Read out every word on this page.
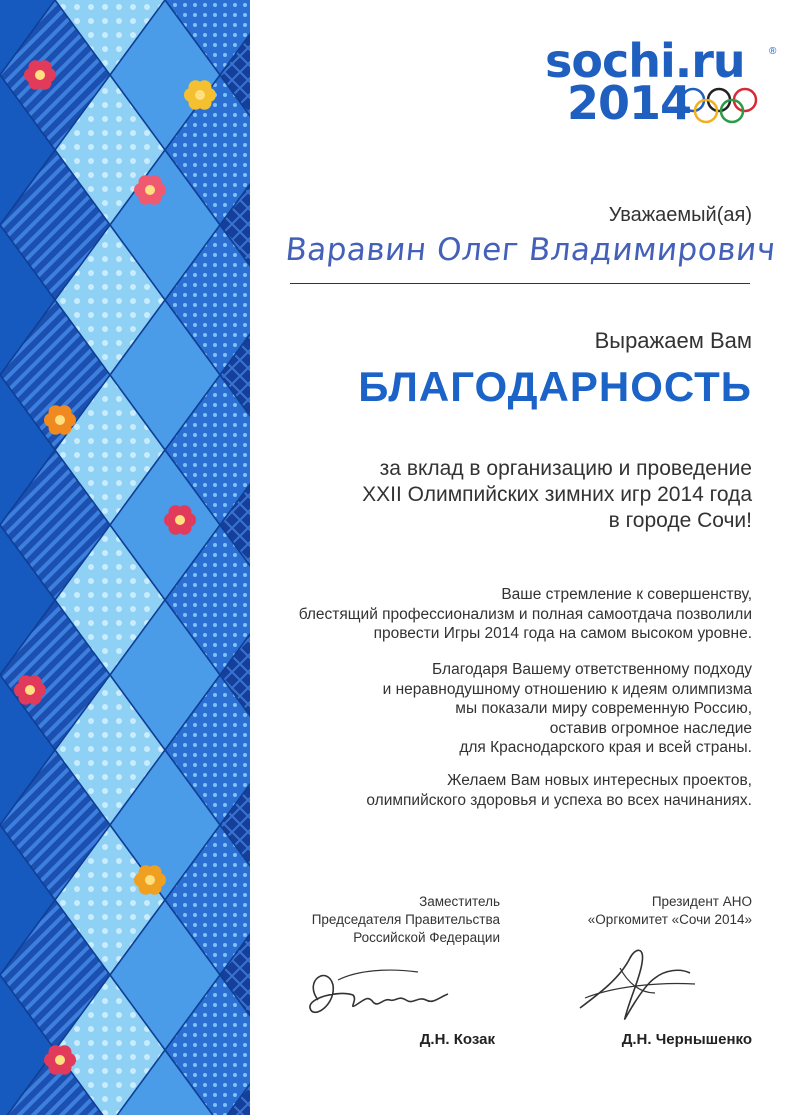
sochi.ru ®
2014
Уважаемый(ая)
Варавин Олег Владимирович
Выражаем Вам
БЛАГОДАРНОСТЬ
за вклад в организацию и проведение
XXII Олимпийских зимних игр 2014 года
в городе Сочи!
Ваше стремление к совершенству,
блестящий профессионализм и полная самоотдача позволили
провести Игры 2014 года на самом высоком уровне.
Благодаря Вашему ответственному подходу
и неравнодушному отношению к идеям олимпизма
мы показали миру современную Россию,
оставив огромное наследие
для Краснодарского края и всей страны.
Желаем Вам новых интересных проектов,
олимпийского здоровья и успеха во всех начинаниях.
Заместитель
Председателя Правительства
Российской Федерации
Президент АНО
«Оргкомитет «Сочи 2014»
Д.Н. Козак	Д.Н. Чернышенко
